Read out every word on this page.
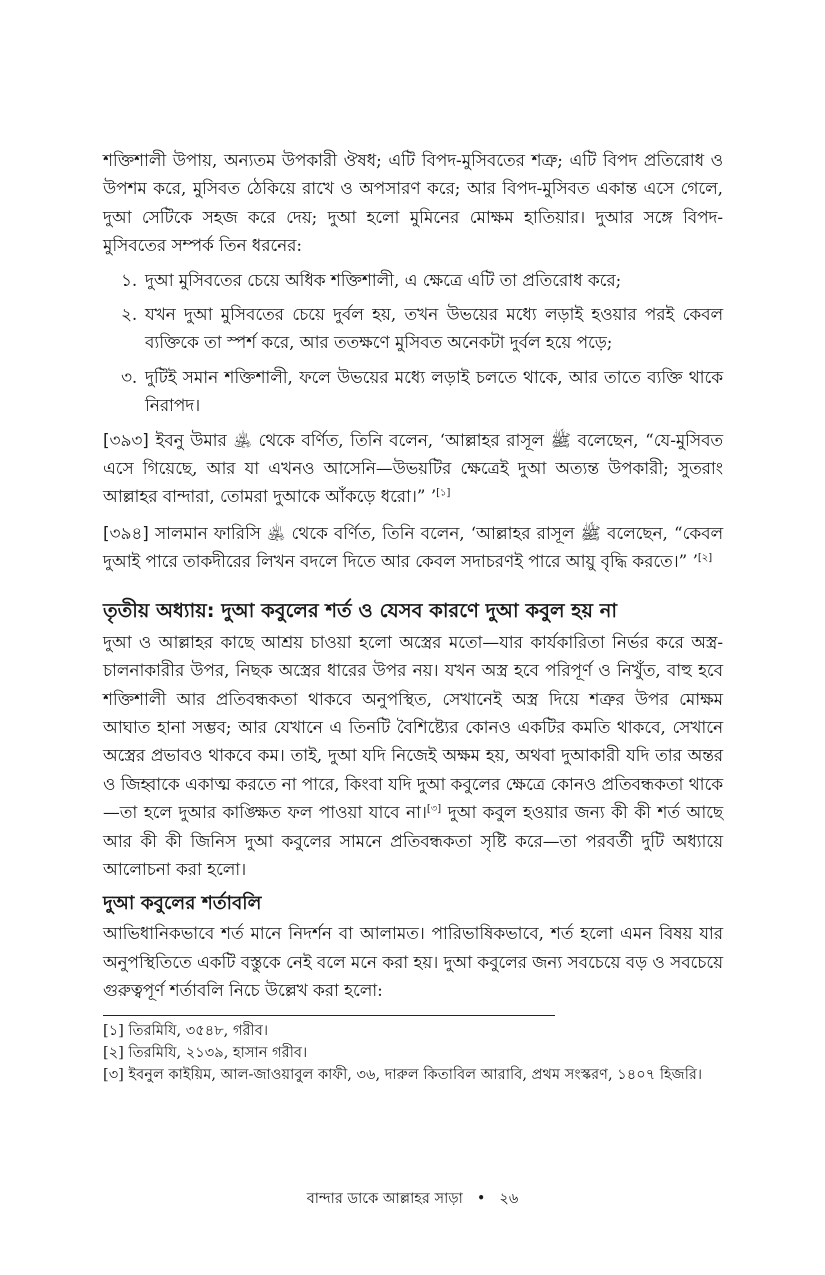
শক্তিশালী উপায়, অন্যতম উপকারী ঔষধ; এটি বিপদ-মুসিবতের শত্রু; এটি বিপদ প্রতিরোধ ও উপশম করে, মুসিবত ঠেকিয়ে রাখে ও অপসারণ করে; আর বিপদ-মুসিবত একান্ত এসে গেলে, দুআ সেটিকে সহজ করে দেয়; দুআ হলো মুমিনের মোক্ষম হাতিয়ার। দুআর সঙ্গে বিপদ-মুসিবতের সম্পর্ক তিন ধরনের:

১. দুআ মুসিবতের চেয়ে অধিক শক্তিশালী, এ ক্ষেত্রে এটি তা প্রতিরোধ করে;
২. যখন দুআ মুসিবতের চেয়ে দুর্বল হয়, তখন উভয়ের মধ্যে লড়াই হওয়ার পরই কেবল ব্যক্তিকে তা স্পর্শ করে, আর ততক্ষণে মুসিবত অনেকটা দুর্বল হয়ে পড়ে;
৩. দুটিই সমান শক্তিশালী, ফলে উভয়ের মধ্যে লড়াই চলতে থাকে, আর তাতে ব্যক্তি থাকে নিরাপদ।

[৩৯৩] ইবনু উমার ﵁ থেকে বর্ণিত, তিনি বলেন, ‘আল্লাহর রাসূল ﷺ বলেছেন, “যে-মুসিবত এসে গিয়েছে, আর যা এখনও আসেনি—উভয়টির ক্ষেত্রেই দুআ অত্যন্ত উপকারী; সুতরাং আল্লাহর বান্দারা, তোমরা দুআকে আঁকড়ে ধরো।” ’[১]

[৩৯৪] সালমান ফারিসি ﵁ থেকে বর্ণিত, তিনি বলেন, ‘আল্লাহর রাসূল ﷺ বলেছেন, “কেবল দুআই পারে তাকদীরের লিখন বদলে দিতে আর কেবল সদাচরণই পারে আয়ু বৃদ্ধি করতে।” ’[২]

তৃতীয় অধ্যায়: দুআ কবুলের শর্ত ও যেসব কারণে দুআ কবুল হয় না

দুআ ও আল্লাহর কাছে আশ্রয় চাওয়া হলো অস্ত্রের মতো—যার কার্যকারিতা নির্ভর করে অস্ত্র-চালনাকারীর উপর, নিছক অস্ত্রের ধারের উপর নয়। যখন অস্ত্র হবে পরিপূর্ণ ও নিখুঁত, বাহু হবে শক্তিশালী আর প্রতিবন্ধকতা থাকবে অনুপস্থিত, সেখানেই অস্ত্র দিয়ে শত্রুর উপর মোক্ষম আঘাত হানা সম্ভব; আর যেখানে এ তিনটি বৈশিষ্ট্যের কোনও একটির কমতি থাকবে, সেখানে অস্ত্রের প্রভাবও থাকবে কম। তাই, দুআ যদি নিজেই অক্ষম হয়, অথবা দুআকারী যদি তার অন্তর ও জিহ্বাকে একাত্ম করতে না পারে, কিংবা যদি দুআ কবুলের ক্ষেত্রে কোনও প্রতিবন্ধকতা থাকে—তা হলে দুআর কাঙ্ক্ষিত ফল পাওয়া যাবে না।[৩] দুআ কবুল হওয়ার জন্য কী কী শর্ত আছে আর কী কী জিনিস দুআ কবুলের সামনে প্রতিবন্ধকতা সৃষ্টি করে—তা পরবর্তী দুটি অধ্যায়ে আলোচনা করা হলো।

দুআ কবুলের শর্তাবলি

আভিধানিকভাবে শর্ত মানে নিদর্শন বা আলামত। পারিভাষিকভাবে, শর্ত হলো এমন বিষয় যার অনুপস্থিতিতে একটি বস্তুকে নেই বলে মনে করা হয়। দুআ কবুলের জন্য সবচেয়ে বড় ও সবচেয়ে গুরুত্বপূর্ণ শর্তাবলি নিচে উল্লেখ করা হলো:

[১] তিরমিযি, ৩৫৪৮, গরীব।

[২] তিরমিযি, ২১৩৯, হাসান গরীব।

[৩] ইবনুল কাইয়িম, আল-জাওয়াবুল কাফী, ৩৬, দারুল কিতাবিল আরাবি, প্রথম সংস্করণ, ১৪০৭ হিজরি।

বান্দার ডাকে আল্লাহর সাড়া • ২৬
